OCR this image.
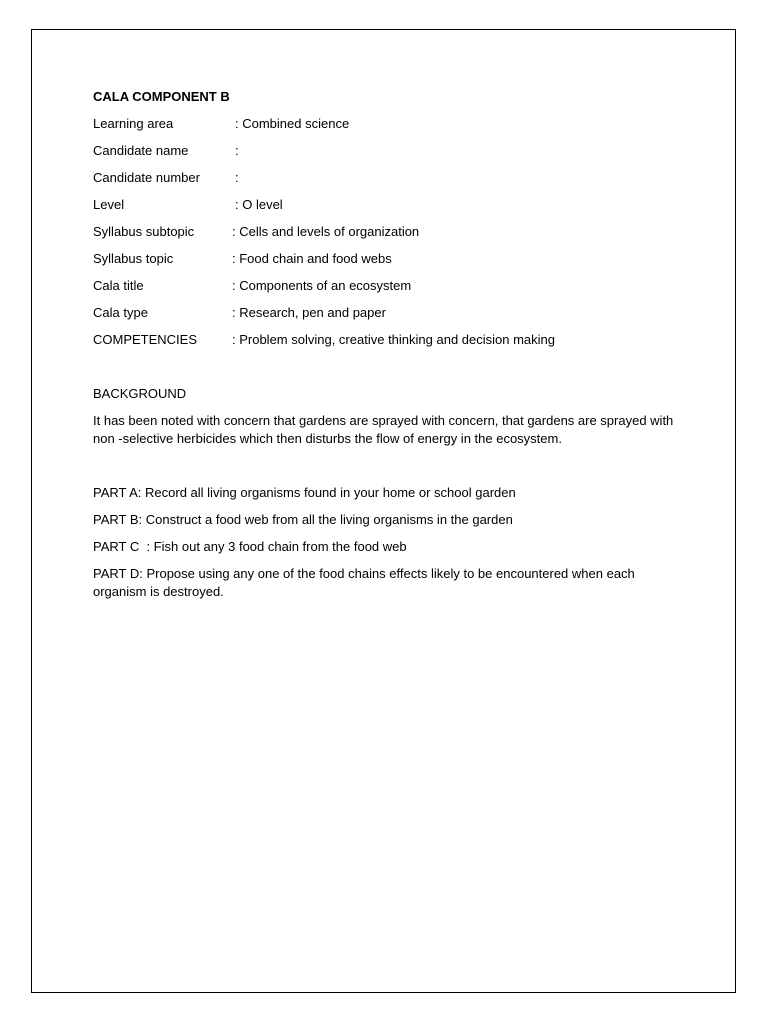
CALA COMPONENT B
Learning area	: Combined science
Candidate name	:
Candidate number	:
Level	: O level
Syllabus subtopic	: Cells and levels of organization
Syllabus topic	: Food chain and food webs
Cala title	: Components of an ecosystem
Cala type	: Research, pen and paper
COMPETENCIES	: Problem solving, creative thinking and decision making

BACKGROUND

It has been noted with concern that gardens are sprayed with concern, that gardens are sprayed with non -selective herbicides which then disturbs the flow of energy in the ecosystem.

PART A: Record all living organisms found in your home or school garden

PART B: Construct a food web from all the living organisms in the garden

PART C  : Fish out any 3 food chain from the food web

PART D: Propose using any one of the food chains effects likely to be encountered when each organism is destroyed.
